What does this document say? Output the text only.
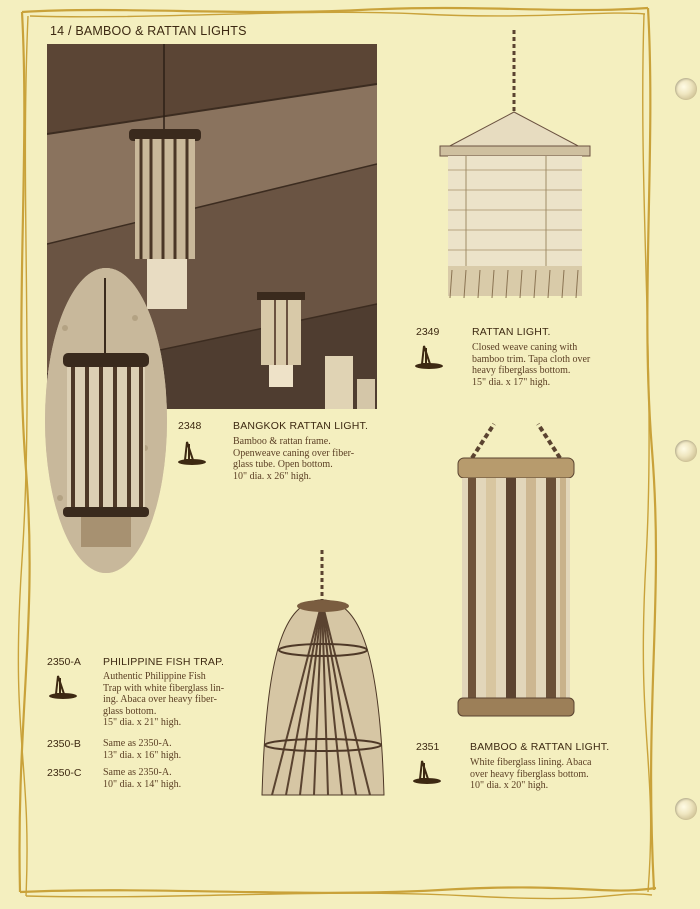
14 / BAMBOO & RATTAN LIGHTS
2348	BANGKOK RATTAN LIGHT.
Bamboo & rattan frame.
Openweave caning over fiber-
glass tube. Open bottom.
10" dia. x 26" high.
2349	RATTAN LIGHT.
Closed weave caning with
bamboo trim. Tapa cloth over
heavy fiberglass bottom.
15" dia. x 17" high.
2350-A PHILIPPINE FISH TRAP.
Authentic Philippine Fish
Trap with white fiberglass lin-
ing. Abaca over heavy fiber-
glass bottom.
15" dia. x 21" high.
2350-B Same as 2350-A.
13" dia. x 16" high.
2350-C Same as 2350-A.
10" dia. x 14" high.
2351	BAMBOO & RATTAN LIGHT.
White fiberglass lining. Abaca
over heavy fiberglass bottom.
10" dia. x 20" high.
